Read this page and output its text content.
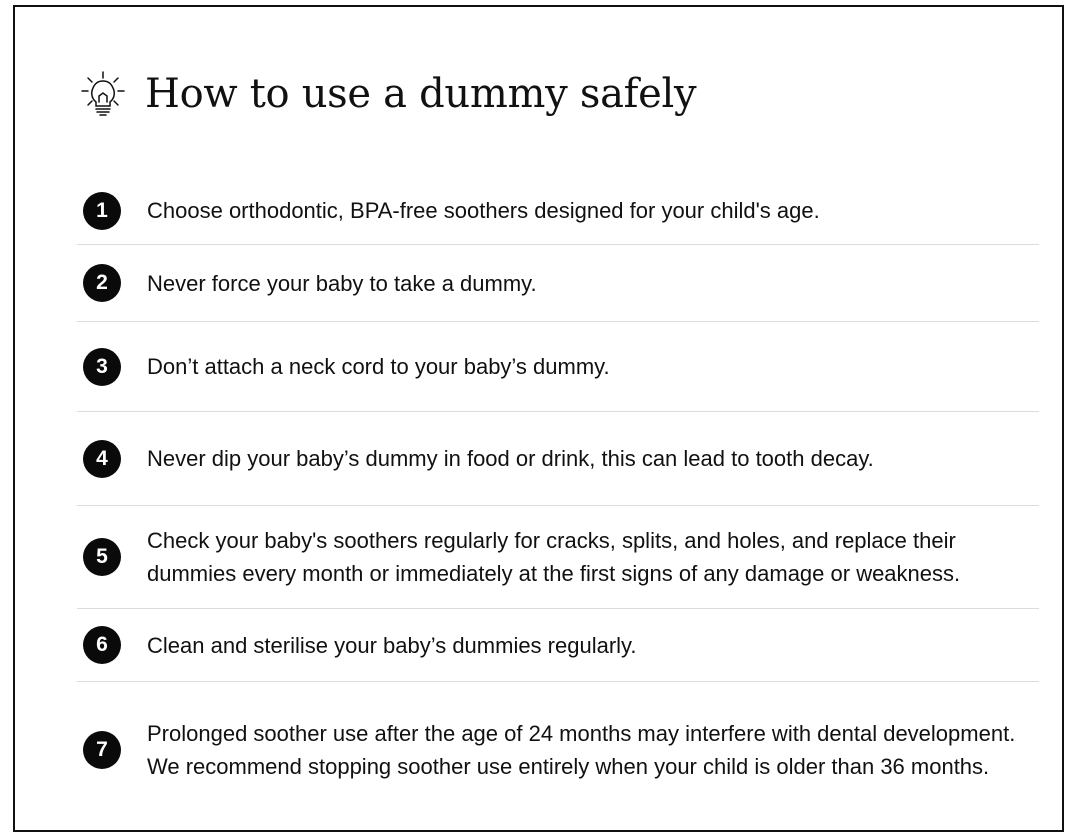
How to use a dummy safely
1	Choose orthodontic, BPA-free soothers designed for your child's age.
2	Never force your baby to take a dummy.
3	Don’t attach a neck cord to your baby’s dummy.
4	Never dip your baby’s dummy in food or drink, this can lead to tooth decay.
5
Check your baby's soothers regularly for cracks, splits, and holes, and replace their dummies every month or immediately at the first signs of any damage or weakness.
6	Clean and sterilise your baby’s dummies regularly.
7
Prolonged soother use after the age of 24 months may interfere with dental development. We recommend stopping soother use entirely when your child is older than 36 months.
